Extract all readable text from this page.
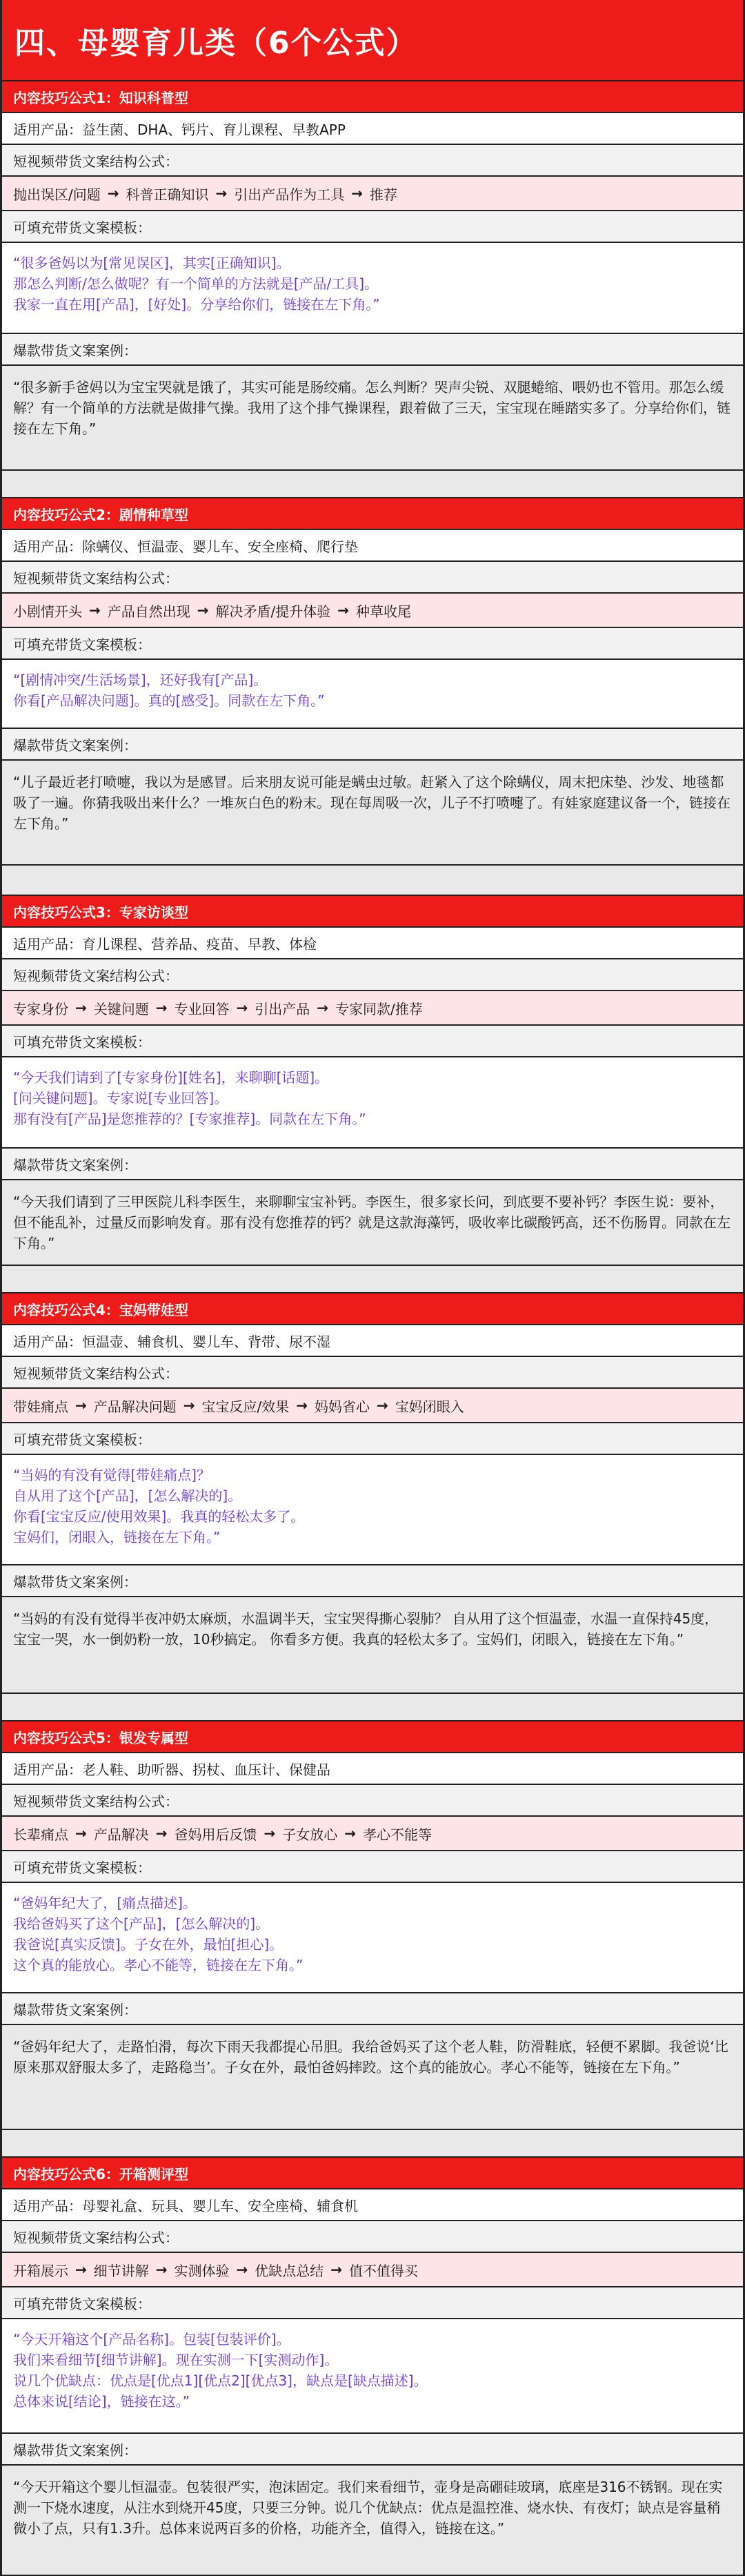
四、母婴育儿类（6个公式）
内容技巧公式1：知识科普型
适用产品： 益生菌、DHA、钙片、育儿课程、早教APP
短视频带货文案结构公式：
抛出误区/问题 → 科普正确知识 → 引出产品作为工具 → 推荐
可填充带货文案模板：
“很多爸妈以为[常见误区]，其实[正确知识]。
那怎么判断/怎么做呢？有一个简单的方法就是[产品/工具]。
我家一直在用[产品]，[好处]。分享给你们，链接在左下角。”
爆款带货文案案例：
“很多新手爸妈以为宝宝哭就是饿了，其实可能是肠绞痛。怎么判断？哭声尖锐、双腿蜷缩、喂奶也不管用。那怎么缓解？有一个简单的方法就是做排气操。我用了这个排气操课程，跟着做了三天，宝宝现在睡踏实多了。分享给你们，链接在左下角。”
内容技巧公式2：剧情种草型
适用产品： 除螨仪、恒温壶、婴儿车、安全座椅、爬行垫
短视频带货文案结构公式：
小剧情开头 → 产品自然出现 → 解决矛盾/提升体验 → 种草收尾
可填充带货文案模板：
“[剧情冲突/生活场景]，还好我有[产品]。
你看[产品解决问题]。真的[感受]。同款在左下角。”
爆款带货文案案例：
“儿子最近老打喷嚏，我以为是感冒。后来朋友说可能是螨虫过敏。赶紧入了这个除螨仪，周末把床垫、沙发、地毯都吸了一遍。你猜我吸出来什么？一堆灰白色的粉末。现在每周吸一次，儿子不打喷嚏了。有娃家庭建议备一个，链接在左下角。”
内容技巧公式3：专家访谈型
适用产品： 育儿课程、营养品、疫苗、早教、体检
短视频带货文案结构公式：
专家身份 → 关键问题 → 专业回答 → 引出产品 → 专家同款/推荐
可填充带货文案模板：
“今天我们请到了[专家身份][姓名]，来聊聊[话题]。
[问关键问题]。专家说[专业回答]。
那有没有[产品]是您推荐的？[专家推荐]。同款在左下角。”
爆款带货文案案例：
“今天我们请到了三甲医院儿科李医生，来聊聊宝宝补钙。李医生，很多家长问，到底要不要补钙？李医生说：要补，但不能乱补，过量反而影响发育。那有没有您推荐的钙？就是这款海藻钙，吸收率比碳酸钙高，还不伤肠胃。同款在左下角。”
内容技巧公式4：宝妈带娃型
适用产品： 恒温壶、辅食机、婴儿车、背带、尿不湿
短视频带货文案结构公式：
带娃痛点 → 产品解决问题 → 宝宝反应/效果 → 妈妈省心 → 宝妈闭眼入
可填充带货文案模板：
“当妈的有没有觉得[带娃痛点]？
自从用了这个[产品]，[怎么解决的]。
你看[宝宝反应/使用效果]。我真的轻松太多了。
宝妈们，闭眼入，链接在左下角。”
爆款带货文案案例：
“当妈的有没有觉得半夜冲奶太麻烦，水温调半天，宝宝哭得撕心裂肺？ 自从用了这个恒温壶，水温一直保持45度，宝宝一哭，水一倒奶粉一放，10秒搞定。 你看多方便。我真的轻松太多了。宝妈们，闭眼入，链接在左下角。”
内容技巧公式5：银发专属型
适用产品： 老人鞋、助听器、拐杖、血压计、保健品
短视频带货文案结构公式：
长辈痛点 → 产品解决 → 爸妈用后反馈 → 子女放心 → 孝心不能等
可填充带货文案模板：
“爸妈年纪大了，[痛点描述]。
我给爸妈买了这个[产品]，[怎么解决的]。
我爸说[真实反馈]。子女在外，最怕[担心]。
这个真的能放心。孝心不能等，链接在左下角。”
爆款带货文案案例：
“爸妈年纪大了，走路怕滑，每次下雨天我都提心吊胆。我给爸妈买了这个老人鞋，防滑鞋底，轻便不累脚。我爸说‘比原来那双舒服太多了，走路稳当’。子女在外，最怕爸妈摔跤。这个真的能放心。孝心不能等，链接在左下角。”
内容技巧公式6：开箱测评型
适用产品： 母婴礼盒、玩具、婴儿车、安全座椅、辅食机
短视频带货文案结构公式：
开箱展示 → 细节讲解 → 实测体验 → 优缺点总结 → 值不值得买
可填充带货文案模板：
“今天开箱这个[产品名称]。包装[包装评价]。
我们来看细节[细节讲解]。现在实测一下[实测动作]。
说几个优缺点：优点是[优点1][优点2][优点3]，缺点是[缺点描述]。
总体来说[结论]，链接在这。”
爆款带货文案案例：
“今天开箱这个婴儿恒温壶。包装很严实，泡沫固定。我们来看细节，壶身是高硼硅玻璃，底座是316不锈钢。现在实测一下烧水速度，从注水到烧开45度，只要三分钟。说几个优缺点：优点是温控准、烧水快、有夜灯；缺点是容量稍微小了点，只有1.3升。总体来说两百多的价格，功能齐全，值得入，链接在这。”
